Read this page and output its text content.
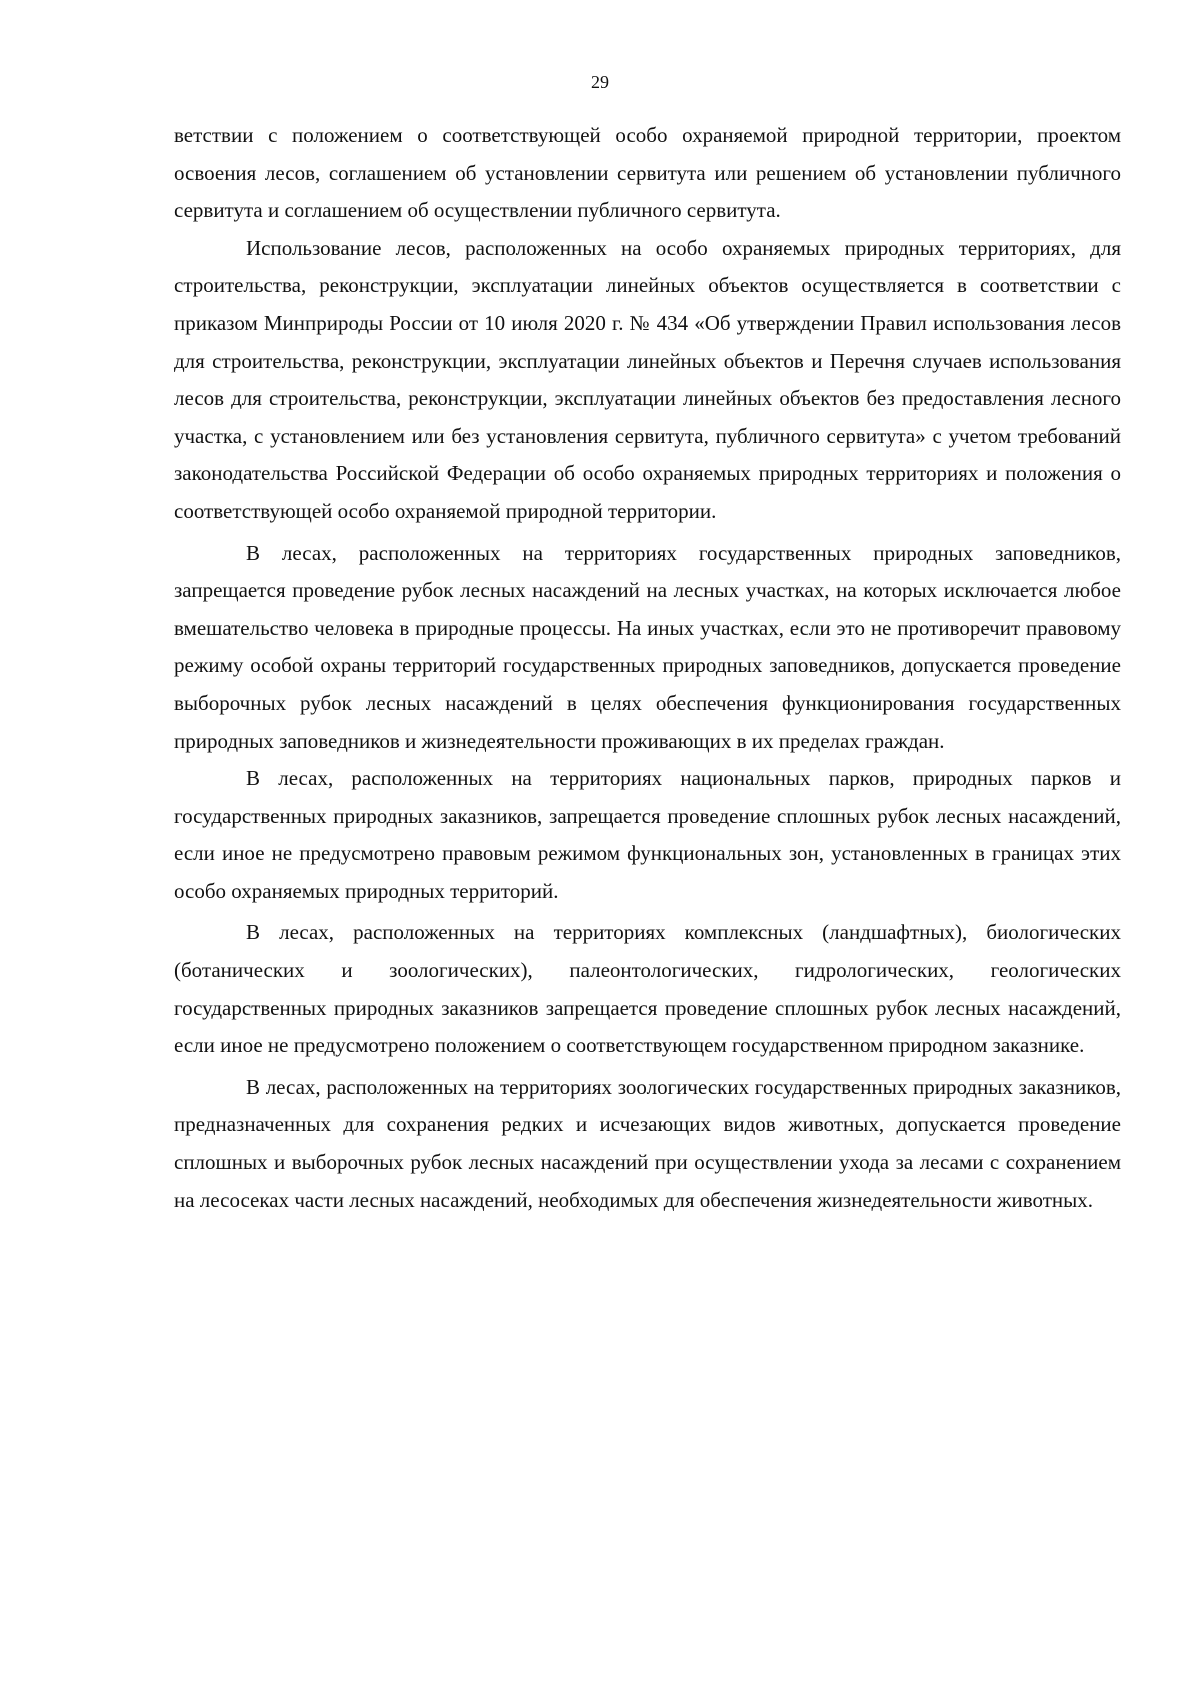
29

ветствии с положением о соответствующей особо охраняемой природной территории, проектом освоения лесов, соглашением об установлении сервитута или решением об установлении публичного сервитута и соглашением об осуществлении публичного сервитута.

Использование лесов, расположенных на особо охраняемых природных территориях, для строительства, реконструкции, эксплуатации линейных объектов осуществляется в соответствии с приказом Минприроды России от 10 июля 2020 г. № 434 «Об утверждении Правил использования лесов для строительства, реконструкции, эксплуатации линейных объектов и Перечня случаев использования лесов для строительства, реконструкции, эксплуатации линейных объектов без предоставления лесного участка, с установлением или без установления сервитута, публичного сервитута» с учетом требований законодательства Российской Федерации об особо охраняемых природных территориях и положения о соответствующей особо охраняемой природной территории.

В лесах, расположенных на территориях государственных природных заповедников, запрещается проведение рубок лесных насаждений на лесных участках, на которых исключается любое вмешательство человека в природные процессы. На иных участках, если это не противоречит правовому режиму особой охраны территорий государственных природных заповедников, допускается проведение выборочных рубок лесных насаждений в целях обеспечения функционирования государственных природных заповедников и жизнедеятельности проживающих в их пределах граждан.

В лесах, расположенных на территориях национальных парков, природных парков и государственных природных заказников, запрещается проведение сплошных рубок лесных насаждений, если иное не предусмотрено правовым режимом функциональных зон, установленных в границах этих особо охраняемых природных территорий.

В лесах, расположенных на территориях комплексных (ландшафтных), биологических (ботанических и зоологических), палеонтологических, гидрологических, геологических государственных природных заказников запрещается проведение сплошных рубок лесных насаждений, если иное не предусмотрено положением о соответствующем государственном природном заказнике.

В лесах, расположенных на территориях зоологических государственных природных заказников, предназначенных для сохранения редких и исчезающих видов животных, допускается проведение сплошных и выборочных рубок лесных насаждений при осуществлении ухода за лесами с сохранением на лесосеках части лесных насаждений, необходимых для обеспечения жизнедеятельности животных.
